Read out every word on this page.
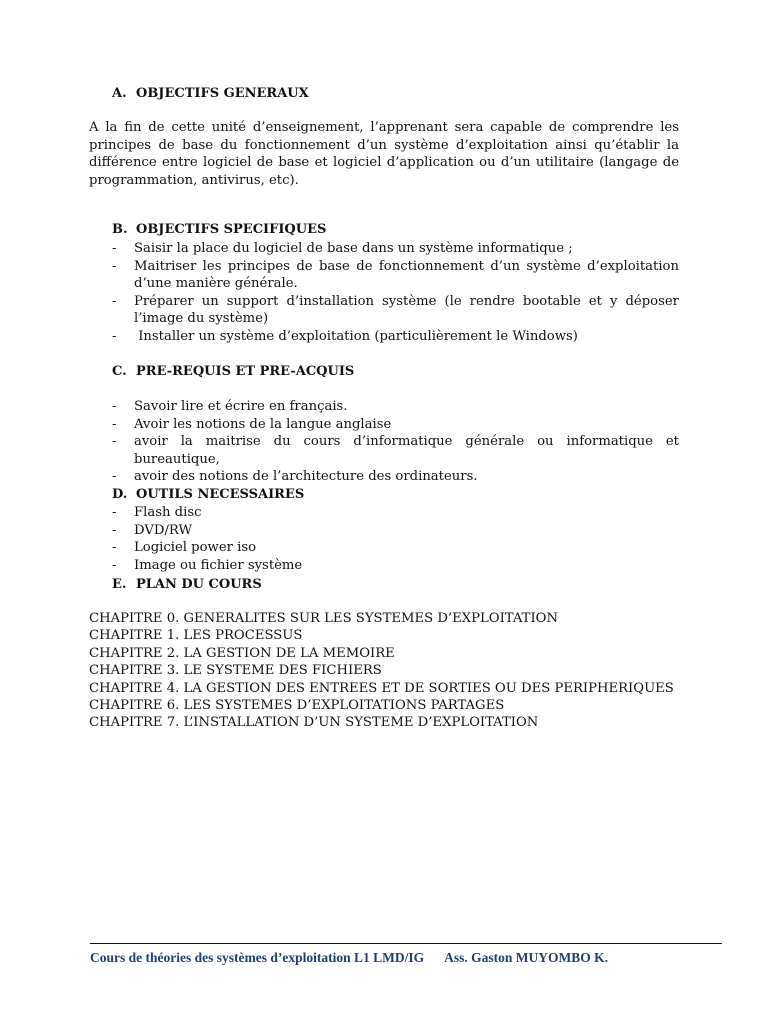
A. OBJECTIFS GENERAUX

A la fin de cette unité d’enseignement, l’apprenant sera capable de comprendre les principes de base du fonctionnement d’un système d’exploitation ainsi qu’établir la différence entre logiciel de base et logiciel d’application ou d’un utilitaire (langage de programmation, antivirus, etc).

B. OBJECTIFS SPECIFIQUES
- Saisir la place du logiciel de base dans un système informatique ;
- Maitriser les principes de base de fonctionnement d’un système d’exploitation d’une manière générale.
- Préparer un support d’installation système (le rendre bootable et y déposer l’image du système)
- Installer un système d’exploitation (particulièrement le Windows)
C. PRE-REQUIS ET PRE-ACQUIS
- Savoir lire et écrire en français.
- Avoir les notions de la langue anglaise
- avoir la maitrise du cours d’informatique générale ou informatique et bureautique,
- avoir des notions de l’architecture des ordinateurs.
D. OUTILS NECESSAIRES
- Flash disc
- DVD/RW
- Logiciel power iso
- Image ou fichier système
E. PLAN DU COURS
CHAPITRE 0. GENERALITES SUR LES SYSTEMES D’EXPLOITATION
CHAPITRE 1. LES PROCESSUS
CHAPITRE 2. LA GESTION DE LA MEMOIRE
CHAPITRE 3. LE SYSTEME DES FICHIERS
CHAPITRE 4. LA GESTION DES ENTREES ET DE SORTIES OU DES PERIPHERIQUES
CHAPITRE 6. LES SYSTEMES D’EXPLOITATIONS PARTAGES
CHAPITRE 7. L’INSTALLATION D’UN SYSTEME D’EXPLOITATION
Cours de théories des systèmes d’exploitation L1 LMD/IG Ass. Gaston MUYOMBO K.
